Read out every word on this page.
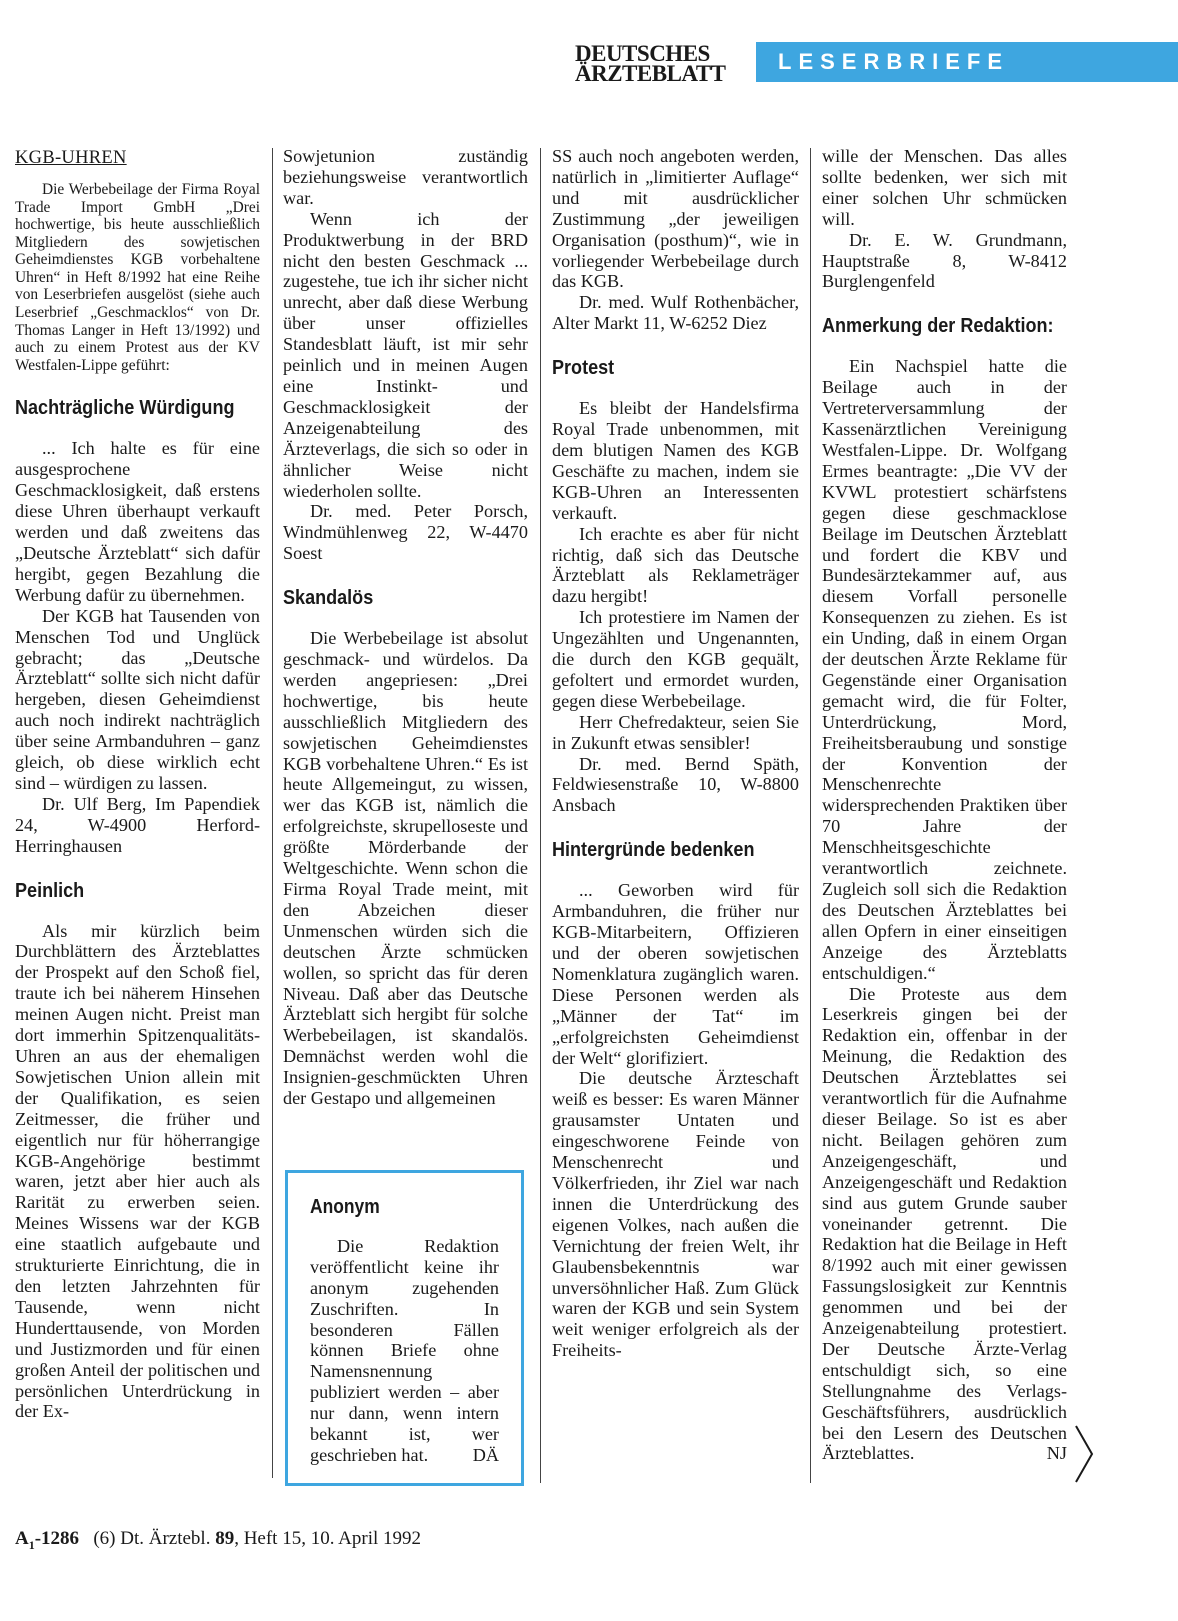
DEUTSCHES
ÄRZTEBLATT LESERBRIEFE
KGB-UHREN

Die Werbebeilage der Firma Royal Trade Import GmbH „Drei hochwertige, bis heute ausschließlich Mitgliedern des sowjetischen Geheimdienstes KGB vorbehaltene Uhren“ in Heft 8/1992 hat eine Reihe von Leserbriefen ausgelöst (siehe auch Leserbrief „Geschmacklos“ von Dr. Thomas Langer in Heft 13/1992) und auch zu einem Protest aus der KV Westfalen-Lippe geführt:

Nachträgliche Würdigung

... Ich halte es für eine ausgesprochene Geschmacklosigkeit, daß erstens diese Uhren überhaupt verkauft werden und daß zweitens das „Deutsche Ärzteblatt“ sich dafür hergibt, gegen Bezahlung die Werbung dafür zu übernehmen.

Der KGB hat Tausenden von Menschen Tod und Unglück gebracht; das „Deutsche Ärzteblatt“ sollte sich nicht dafür hergeben, diesen Geheimdienst auch noch indirekt nachträglich über seine Armbanduhren – ganz gleich, ob diese wirklich echt sind – würdigen zu lassen.

Dr. Ulf Berg, Im Papendiek 24, W-4900 Herford-Herringhausen

Peinlich

Als mir kürzlich beim Durchblättern des Ärzteblattes der Prospekt auf den Schoß fiel, traute ich bei näherem Hinsehen meinen Augen nicht. Preist man dort immerhin Spitzenqualitäts-Uhren an aus der ehemaligen Sowjetischen Union allein mit der Qualifikation, es seien Zeitmesser, die früher und eigentlich nur für höherrangige KGB-Angehörige bestimmt waren, jetzt aber hier auch als Rarität zu erwerben seien. Meines Wissens war der KGB eine staatlich aufgebaute und strukturierte Einrichtung, die in den letzten Jahrzehnten für Tausende, wenn nicht Hunderttausende, von Morden und Justizmorden und für einen großen Anteil der politischen und persönlichen Unterdrückung in der Ex-

Sowjetunion zuständig beziehungsweise verantwortlich war.

Wenn ich der Produktwerbung in der BRD nicht den besten Geschmack ... zugestehe, tue ich ihr sicher nicht unrecht, aber daß diese Werbung über unser offizielles Standesblatt läuft, ist mir sehr peinlich und in meinen Augen eine Instinkt- und Geschmacklosigkeit der Anzeigenabteilung des Ärzteverlags, die sich so oder in ähnlicher Weise nicht wiederholen sollte.

Dr. med. Peter Porsch, Windmühlenweg 22, W-4470 Soest

Skandalös

Die Werbebeilage ist absolut geschmack- und würdelos. Da werden angepriesen: „Drei hochwertige, bis heute ausschließlich Mitgliedern des sowjetischen Geheimdienstes KGB vorbehaltene Uhren.“ Es ist heute Allgemeingut, zu wissen, wer das KGB ist, nämlich die erfolgreichste, skrupelloseste und größte Mörderbande der Weltgeschichte. Wenn schon die Firma Royal Trade meint, mit den Abzeichen dieser Unmenschen würden sich die deutschen Ärzte schmücken wollen, so spricht das für deren Niveau. Daß aber das Deutsche Ärzteblatt sich hergibt für solche Werbebeilagen, ist skandalös. Demnächst werden wohl die Insignien-geschmückten Uhren der Gestapo und allgemeinen

Anonym

Die Redaktion veröffentlicht keine ihr anonym zugehenden Zuschriften. In besonderen Fällen können Briefe ohne Namensnennung publiziert werden – aber nur dann, wenn intern bekannt ist, wer geschrieben hat.	DÄ

SS auch noch angeboten werden, natürlich in „limitierter Auflage“ und mit ausdrücklicher Zustimmung „der jeweiligen Organisation (posthum)“, wie in vorliegender Werbebeilage durch das KGB.

Dr. med. Wulf Rothenbächer, Alter Markt 11, W-6252 Diez

Protest

Es bleibt der Handelsfirma Royal Trade unbenommen, mit dem blutigen Namen des KGB Geschäfte zu machen, indem sie KGB-Uhren an Interessenten verkauft.

Ich erachte es aber für nicht richtig, daß sich das Deutsche Ärzteblatt als Reklameträger dazu hergibt!

Ich protestiere im Namen der Ungezählten und Ungenannten, die durch den KGB gequält, gefoltert und ermordet wurden, gegen diese Werbebeilage.

Herr Chefredakteur, seien Sie in Zukunft etwas sensibler!

Dr. med. Bernd Späth, Feldwiesenstraße 10, W-8800 Ansbach

Hintergründe bedenken

... Geworben wird für Armbanduhren, die früher nur KGB-Mitarbeitern, Offizieren und der oberen sowjetischen Nomenklatura zugänglich waren. Diese Personen werden als „Männer der Tat“ im „erfolgreichsten Geheimdienst der Welt“ glorifiziert.

Die deutsche Ärzteschaft weiß es besser: Es waren Männer grausamster Untaten und eingeschworene Feinde von Menschenrecht und Völkerfrieden, ihr Ziel war nach innen die Unterdrückung des eigenen Volkes, nach außen die Vernichtung der freien Welt, ihr Glaubensbekenntnis war unversöhnlicher Haß. Zum Glück waren der KGB und sein System weit weniger erfolgreich als der Freiheits-

wille der Menschen. Das alles sollte bedenken, wer sich mit einer solchen Uhr schmücken will.

Dr. E. W. Grundmann, Hauptstraße 8, W-8412 Burglengenfeld

Anmerkung der Redaktion:

Ein Nachspiel hatte die Beilage auch in der Vertreterversammlung der Kassenärztlichen Vereinigung Westfalen-Lippe. Dr. Wolfgang Ermes beantragte: „Die VV der KVWL protestiert schärfstens gegen diese geschmacklose Beilage im Deutschen Ärzteblatt und fordert die KBV und Bundesärztekammer auf, aus diesem Vorfall personelle Konsequenzen zu ziehen. Es ist ein Unding, daß in einem Organ der deutschen Ärzte Reklame für Gegenstände einer Organisation gemacht wird, die für Folter, Unterdrückung, Mord, Freiheitsberaubung und sonstige der Konvention der Menschenrechte widersprechenden Praktiken über 70 Jahre der Menschheitsgeschichte verantwortlich zeichnete. Zugleich soll sich die Redaktion des Deutschen Ärzteblattes bei allen Opfern in einer einseitigen Anzeige des Ärzteblatts entschuldigen.“

Die Proteste aus dem Leserkreis gingen bei der Redaktion ein, offenbar in der Meinung, die Redaktion des Deutschen Ärzteblattes sei verantwortlich für die Aufnahme dieser Beilage. So ist es aber nicht. Beilagen gehören zum Anzeigengeschäft, und Anzeigengeschäft und Redaktion sind aus gutem Grunde sauber voneinander getrennt. Die Redaktion hat die Beilage in Heft 8/1992 auch mit einer gewissen Fassungslosigkeit zur Kenntnis genommen und bei der Anzeigenabteilung protestiert. Der Deutsche Ärzte-Verlag entschuldigt sich, so eine Stellungnahme des Verlags-Geschäftsführers, ausdrücklich bei den Lesern des Deutschen Ärzteblattes.	NJ

$A_1-1286$ (6) Dt. Ärztebl. 89, Heft 15, 10. April 1992
